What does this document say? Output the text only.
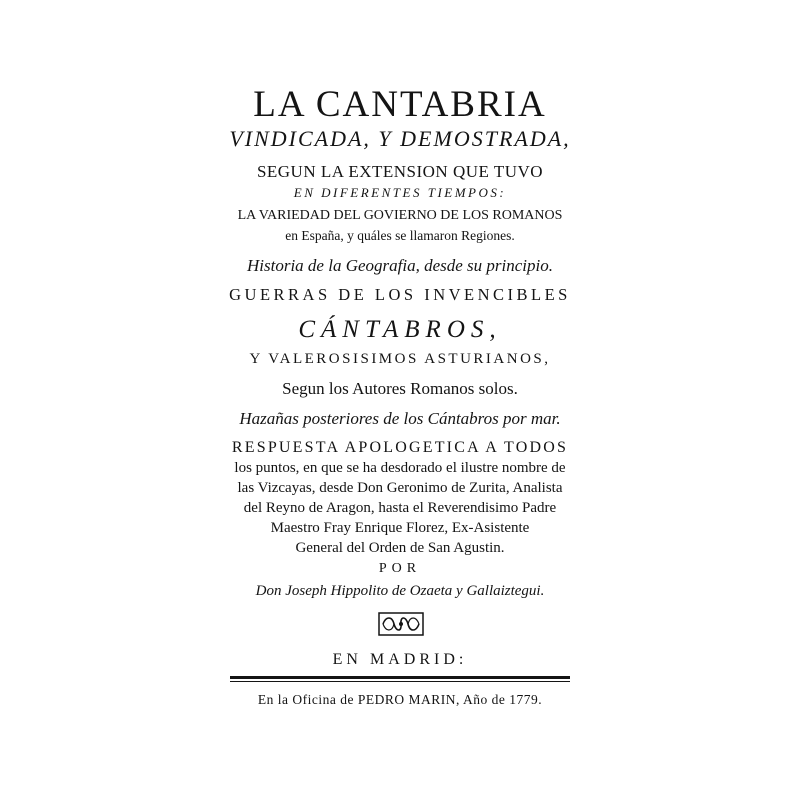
LA CANTABRIA
VINDICADA, Y DEMOSTRADA,
SEGUN LA EXTENSION QUE TUVO
EN DIFERENTES TIEMPOS:
LA VARIEDAD DEL GOVIERNO DE LOS ROMANOS
en España, y quáles se llamaron Regiones.
Historia de la Geografia, desde su principio.
GUERRAS DE LOS INVENCIBLES
CÁNTABROS,
Y VALEROSISIMOS ASTURIANOS,
Segun los Autores Romanos solos.
Hazañas posteriores de los Cántabros por mar.
RESPUESTA APOLOGETICA A TODOS
los puntos, en que se ha desdorado el ilustre nombre de
las Vizcayas, desde Don Geronimo de Zurita, Analista
del Reyno de Aragon, hasta el Reverendisimo Padre
Maestro Fray Enrique Florez, Ex-Asistente
General del Orden de San Agustin.
POR
Don Joseph Hippolito de Ozaeta y Gallaiztegui.
EN MADRID:
En la Oficina de PEDRO MARIN, Año de 1779.
